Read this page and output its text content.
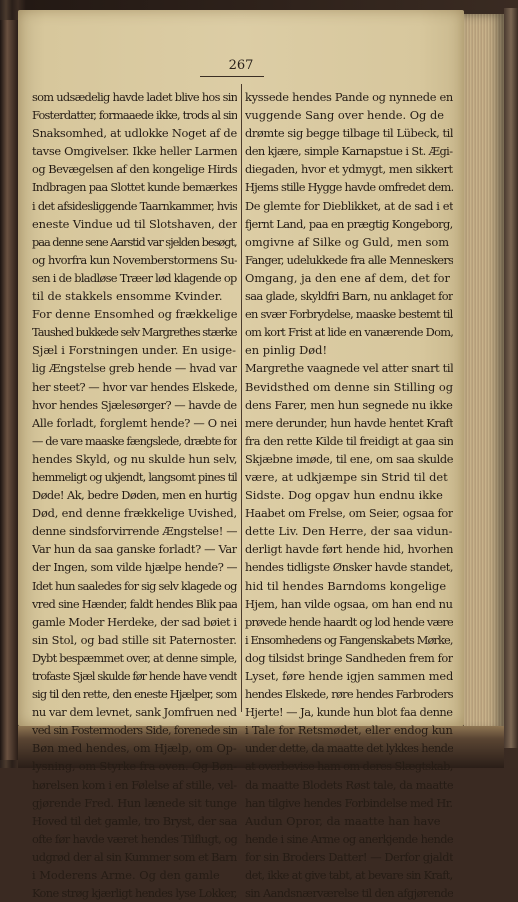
267
som udsædelig havde ladet blive hos sin
Fosterdatter, formaaede ikke, trods al sin
Snaksomhed, at udlokke Noget af de
tavse Omgivelser. Ikke heller Larmen
og Bevægelsen af den kongelige Hirds
Indbragen paa Slottet kunde bemærkes
i det afsidesliggende Taarnkammer, hvis
eneste Vindue ud til Slotshaven, der
paa denne sene Aarstid var sjelden besøgt,
og hvorfra kun Novemberstormens Su-
sen i de bladløse Træer lød klagende op
til de stakkels ensomme Kvinder.
For denne Ensomhed og frækkelige
Taushed bukkede selv Margrethes stærke
Sjæl i Forstningen under. En usige-
lig Ængstelse greb hende — hvad var
her steet? — hvor var hendes Elskede,
hvor hendes Sjælesørger? — havde de
Alle forladt, forglemt hende? — O nei
— de vare maaske fængslede, dræbte for
hendes Skyld, og nu skulde hun selv,
hemmeligt og ukjendt, langsomt pines til
Døde! Ak, bedre Døden, men en hurtig
Død, end denne frækkelige Uvished,
denne sindsforvirrende Ængstelse! —
Var hun da saa ganske forladt? — Var
der Ingen, som vilde hjælpe hende? —
Idet hun saaledes for sig selv klagede og
vred sine Hænder, faldt hendes Blik paa
gamle Moder Herdeke, der sad bøiet i
sin Stol, og bad stille sit Paternoster.
Dybt bespæmmet over, at denne simple,
trofaste Sjæl skulde før hende have vendt
sig til den rette, den eneste Hjælper, som
nu var dem levnet, sank Jomfruen ned
ved sin Fostermoders Side, forenede sin
Bøn med hendes, om Hjælp, om Op-
lysning, om Styrke fra oven. Og Bøn-
hørelsen kom i en Følelse af stille, vel-
gjørende Fred. Hun lænede sit tunge
Hoved til det gamle, tro Bryst, der saa
ofte før havde været hendes Tilflugt, og
udgrød der al sin Kummer som et Barn
i Moderens Arme. Og den gamle
Kone strøg kjærligt hendes lyse Lokker,
kyssede hendes Pande og nynnede en
vuggende Sang over hende. Og de
drømte sig begge tilbage til Lübeck, til
den kjære, simple Karnapstue i St. Ægi-
diegaden, hvor et ydmygt, men sikkert
Hjems stille Hygge havde omfredet dem.
De glemte for Dieblikket, at de sad i et
fjernt Land, paa en prægtig Kongeborg,
omgivne af Silke og Guld, men som
Fanger, udelukkede fra alle Menneskers
Omgang, ja den ene af dem, det for
saa glade, skyldfri Barn, nu anklaget for
en svær Forbrydelse, maaske bestemt til
om kort Frist at lide en vanærende Dom,
en pinlig Død!
Margrethe vaagnede vel atter snart til
Bevidsthed om denne sin Stilling og
dens Farer, men hun segnede nu ikke
mere derunder, hun havde hentet Kraft
fra den rette Kilde til freidigt at gaa sin
Skjæbne imøde, til ene, om saa skulde
være, at udkjæmpe sin Strid til det
Sidste. Dog opgav hun endnu ikke
Haabet om Frelse, om Seier, ogsaa for
dette Liv. Den Herre, der saa vidun-
derligt havde ført hende hid, hvorhen
hendes tidligste Ønsker havde standet,
hid til hendes Barndoms kongelige
Hjem, han vilde ogsaa, om han end nu
prøvede hende haardt og lod hende være
i Ensomhedens og Fangenskabets Mørke,
dog tilsidst bringe Sandheden frem for
Lyset, føre hende igjen sammen med
hendes Elskede, røre hendes Farbroders
Hjerte! — Ja, kunde hun blot faa denne
i Tale for Retsmødet, eller endog kun
under dette, da maatte det lykkes hende
at overbevise ham om deres Slægtskab,
da maatte Blodets Røst tale, da maatte
han tilgive hendes Forbindelse med Hr.
Audun Opror, da maatte han have
hende i sine Arme og anerkjende hende
for sin Broders Datter! — Derfor gjaldt
det, ikke at give tabt, at bevare sin Kraft,
sin Aandsnærværelse til den afgjørende
